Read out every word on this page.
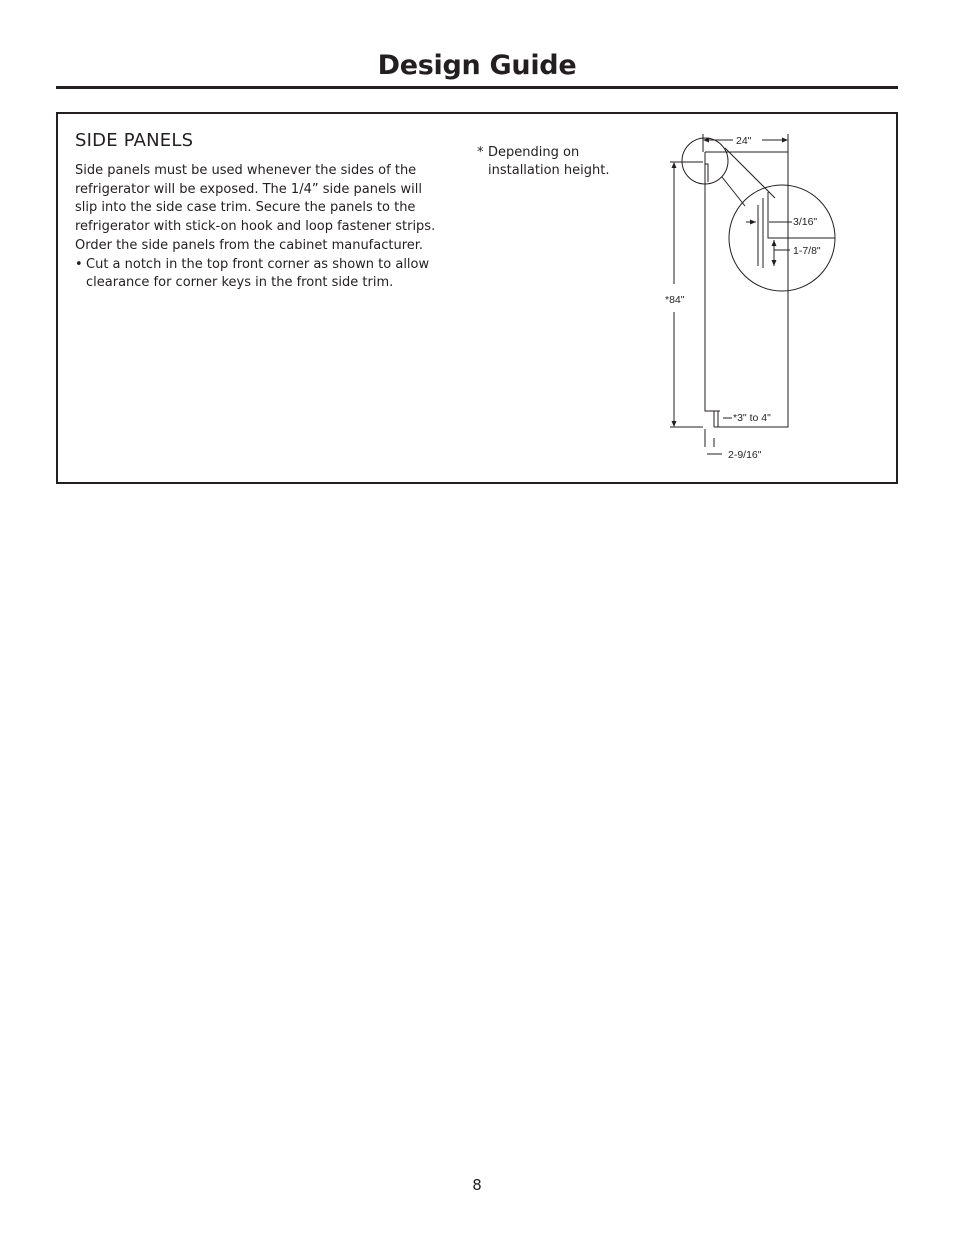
Design Guide
SIDE PANELS

Side panels must be used whenever the sides of the refrigerator will be exposed. The 1/4” side panels will slip into the side case trim. Secure the panels to the refrigerator with stick-on hook and loop fastener strips. Order the side panels from the cabinet manufacturer.

• Cut a notch in the top front corner as shown to allow clearance for corner keys in the front side trim.
* Depending on installation height.
24"
*84"
3/16"
1-7/8"
*3" to 4"
2-9/16"
8
